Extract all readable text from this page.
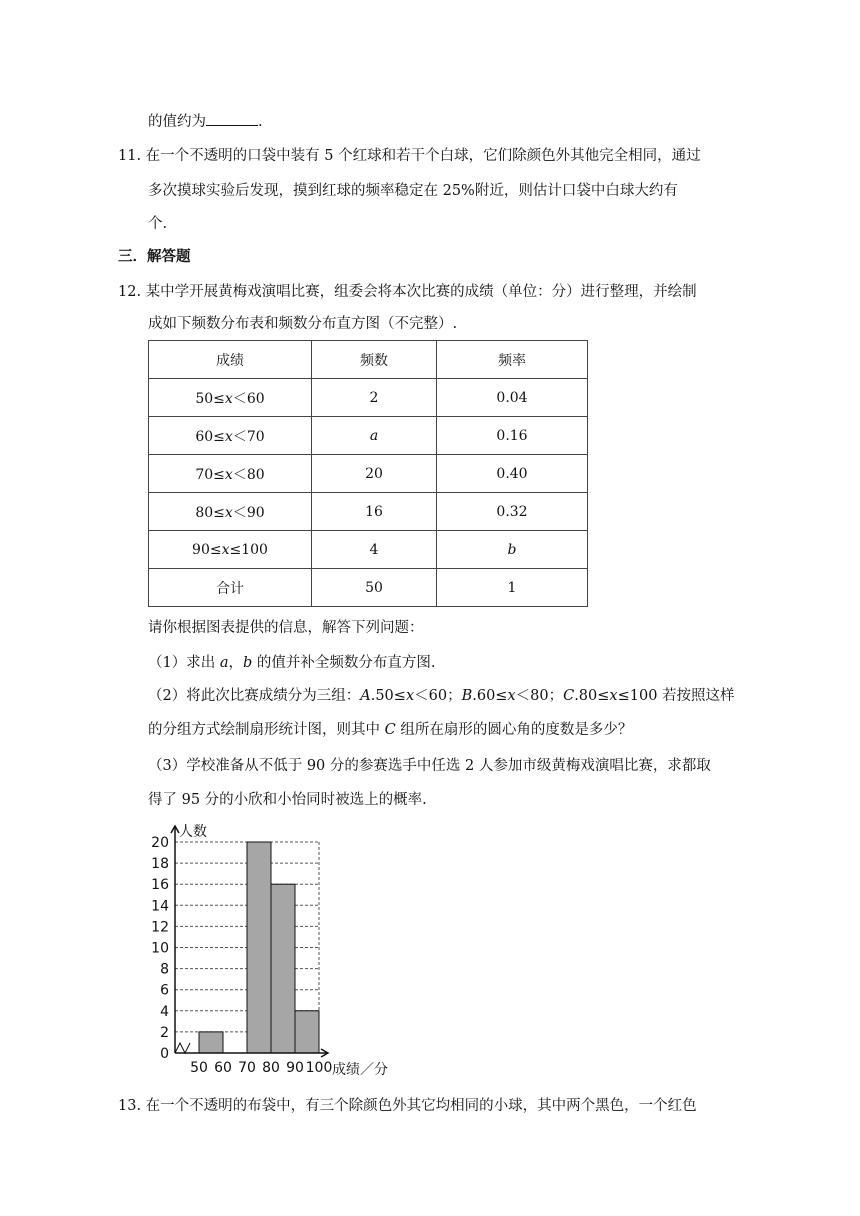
的值约为	.
11. 在一个不透明的口袋中装有 5 个红球和若干个白球，它们除颜色外其他完全相同，通过
多次摸球实验后发现，摸到红球的频率稳定在 25%附近，则估计口袋中白球大约有
个.
三．解答题
12. 某中学开展黄梅戏演唱比赛，组委会将本次比赛的成绩（单位：分）进行整理，并绘制
成如下频数分布表和频数分布直方图（不完整）.
成绩	频数	频率
50≤x＜60	2	0.04
60≤x＜70	a	0.16
70≤x＜80	20	0.40
80≤x＜90	16	0.32
90≤x≤100	4	b
合计	50	1
请你根据图表提供的信息，解答下列问题：
（1）求出 a，b 的值并补全频数分布直方图.
（2）将此次比赛成绩分为三组：A.50≤x＜60；B.60≤x＜80；C.80≤x≤100 若按照这样
的分组方式绘制扇形统计图，则其中 C 组所在扇形的圆心角的度数是多少？
（3）学校准备从不低于 90 分的参赛选手中任选 2 人参加市级黄梅戏演唱比赛，求都取
得了 95 分的小欣和小怡同时被选上的概率.
0
2
4
6
8
10
12
14
16
18
20
50 60 70 80 90 100
人数
成绩／分
13. 在一个不透明的布袋中，有三个除颜色外其它均相同的小球，其中两个黑色，一个红色
